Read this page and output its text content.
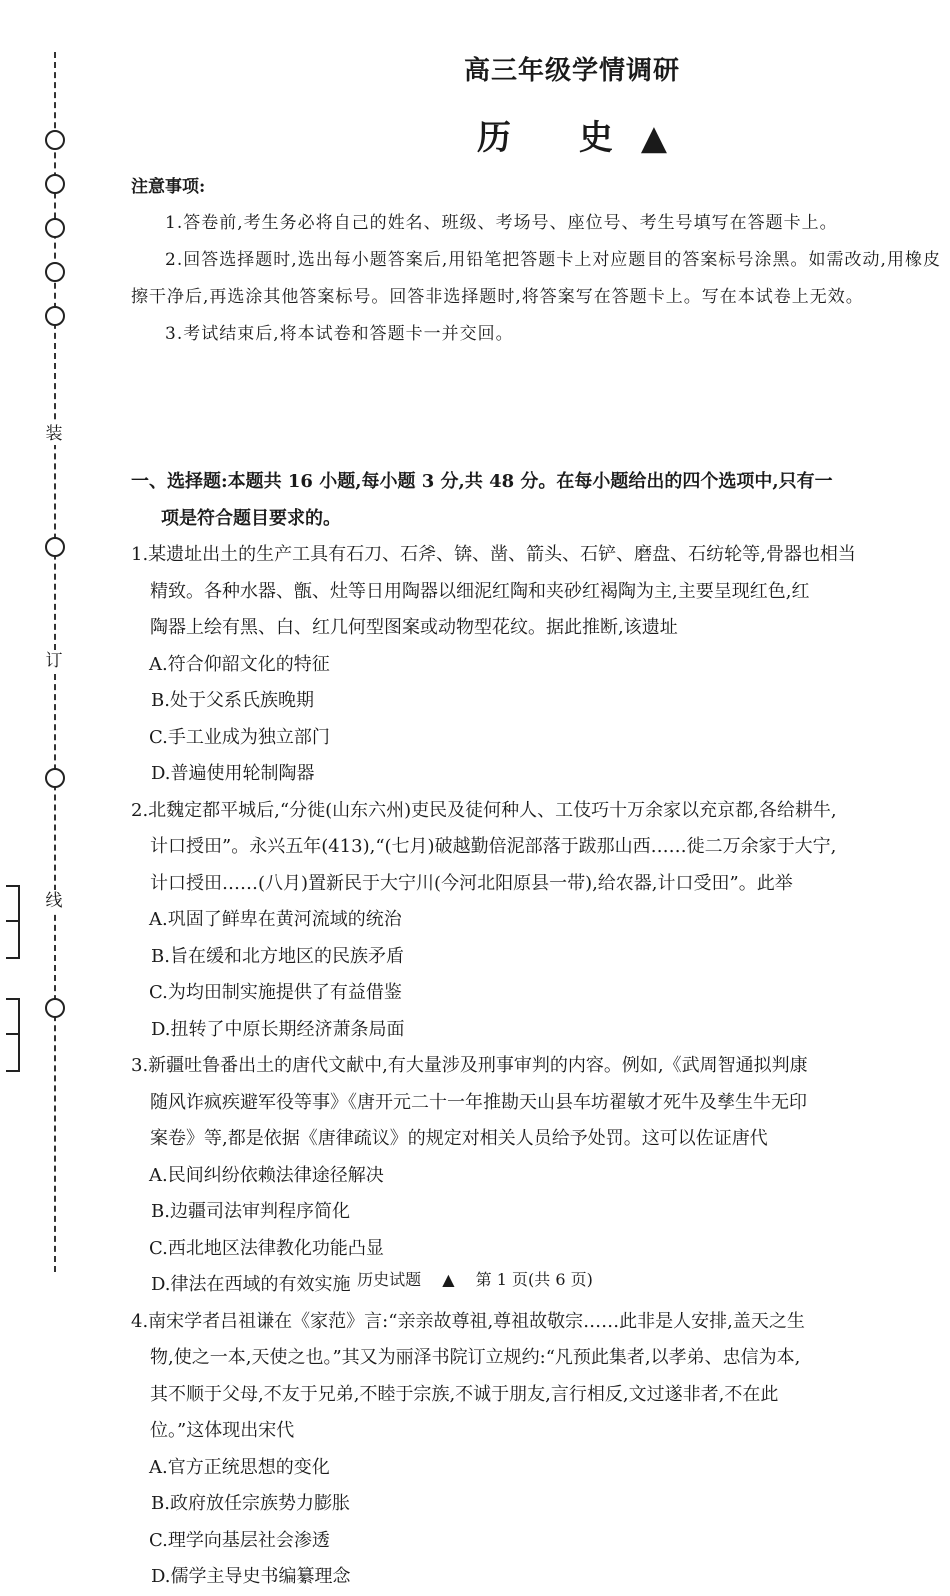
装
订
线
高三年级学情调研
历 史▲
注意事项:

1.答卷前,考生务必将自己的姓名、班级、考场号、座位号、考生号填写在答题卡上。

2.回答选择题时,选出每小题答案后,用铅笔把答题卡上对应题目的答案标号涂黑。如需改动,用橡皮擦干净后,再选涂其他答案标号。回答非选择题时,将答案写在答题卡上。写在本试卷上无效。

3.考试结束后,将本试卷和答题卡一并交回。

一、选择题:本题共 16 小题,每小题 3 分,共 48 分。在每小题给出的四个选项中,只有一
项是符合题目要求的。
1.某遗址出土的生产工具有石刀、石斧、锛、凿、箭头、石铲、磨盘、石纺轮等,骨器也相当
精致。各种水器、甑、灶等日用陶器以细泥红陶和夹砂红褐陶为主,主要呈现红色,红
陶器上绘有黑、白、红几何型图案或动物型花纹。据此推断,该遗址
A.符合仰韶文化的特征
B.处于父系氏族晚期
C.手工业成为独立部门
D.普遍使用轮制陶器
2.北魏定都平城后,“分徙(山东六州)吏民及徒何种人、工伎巧十万余家以充京都,各给耕牛,
计口授田”。永兴五年(413),“(七月)破越勤倍泥部落于跋那山西……徙二万余家于大宁,
计口授田……(八月)置新民于大宁川(今河北阳原县一带),给农器,计口受田”。此举
A.巩固了鲜卑在黄河流域的统治
B.旨在缓和北方地区的民族矛盾
C.为均田制实施提供了有益借鉴
D.扭转了中原长期经济萧条局面
3.新疆吐鲁番出土的唐代文献中,有大量涉及刑事审判的内容。例如,《武周智通拟判康
随风诈疯疾避军役等事》《唐开元二十一年推勘天山县车坊翟敏才死牛及孳生牛无印
案卷》等,都是依据《唐律疏议》的规定对相关人员给予处罚。这可以佐证唐代
A.民间纠纷依赖法律途径解决
B.边疆司法审判程序简化
C.西北地区法律教化功能凸显
D.律法在西域的有效实施
4.南宋学者吕祖谦在《家范》言:“亲亲故尊祖,尊祖故敬宗……此非是人安排,盖天之生
物,使之一本,天使之也。”其又为丽泽书院订立规约:“凡预此集者,以孝弟、忠信为本,
其不顺于父母,不友于兄弟,不睦于宗族,不诚于朋友,言行相反,文过遂非者,不在此
位。”这体现出宋代
A.官方正统思想的变化
B.政府放任宗族势力膨胀
C.理学向基层社会渗透
D.儒学主导史书编纂理念
历史试题 ▲ 第 1 页(共 6 页)
